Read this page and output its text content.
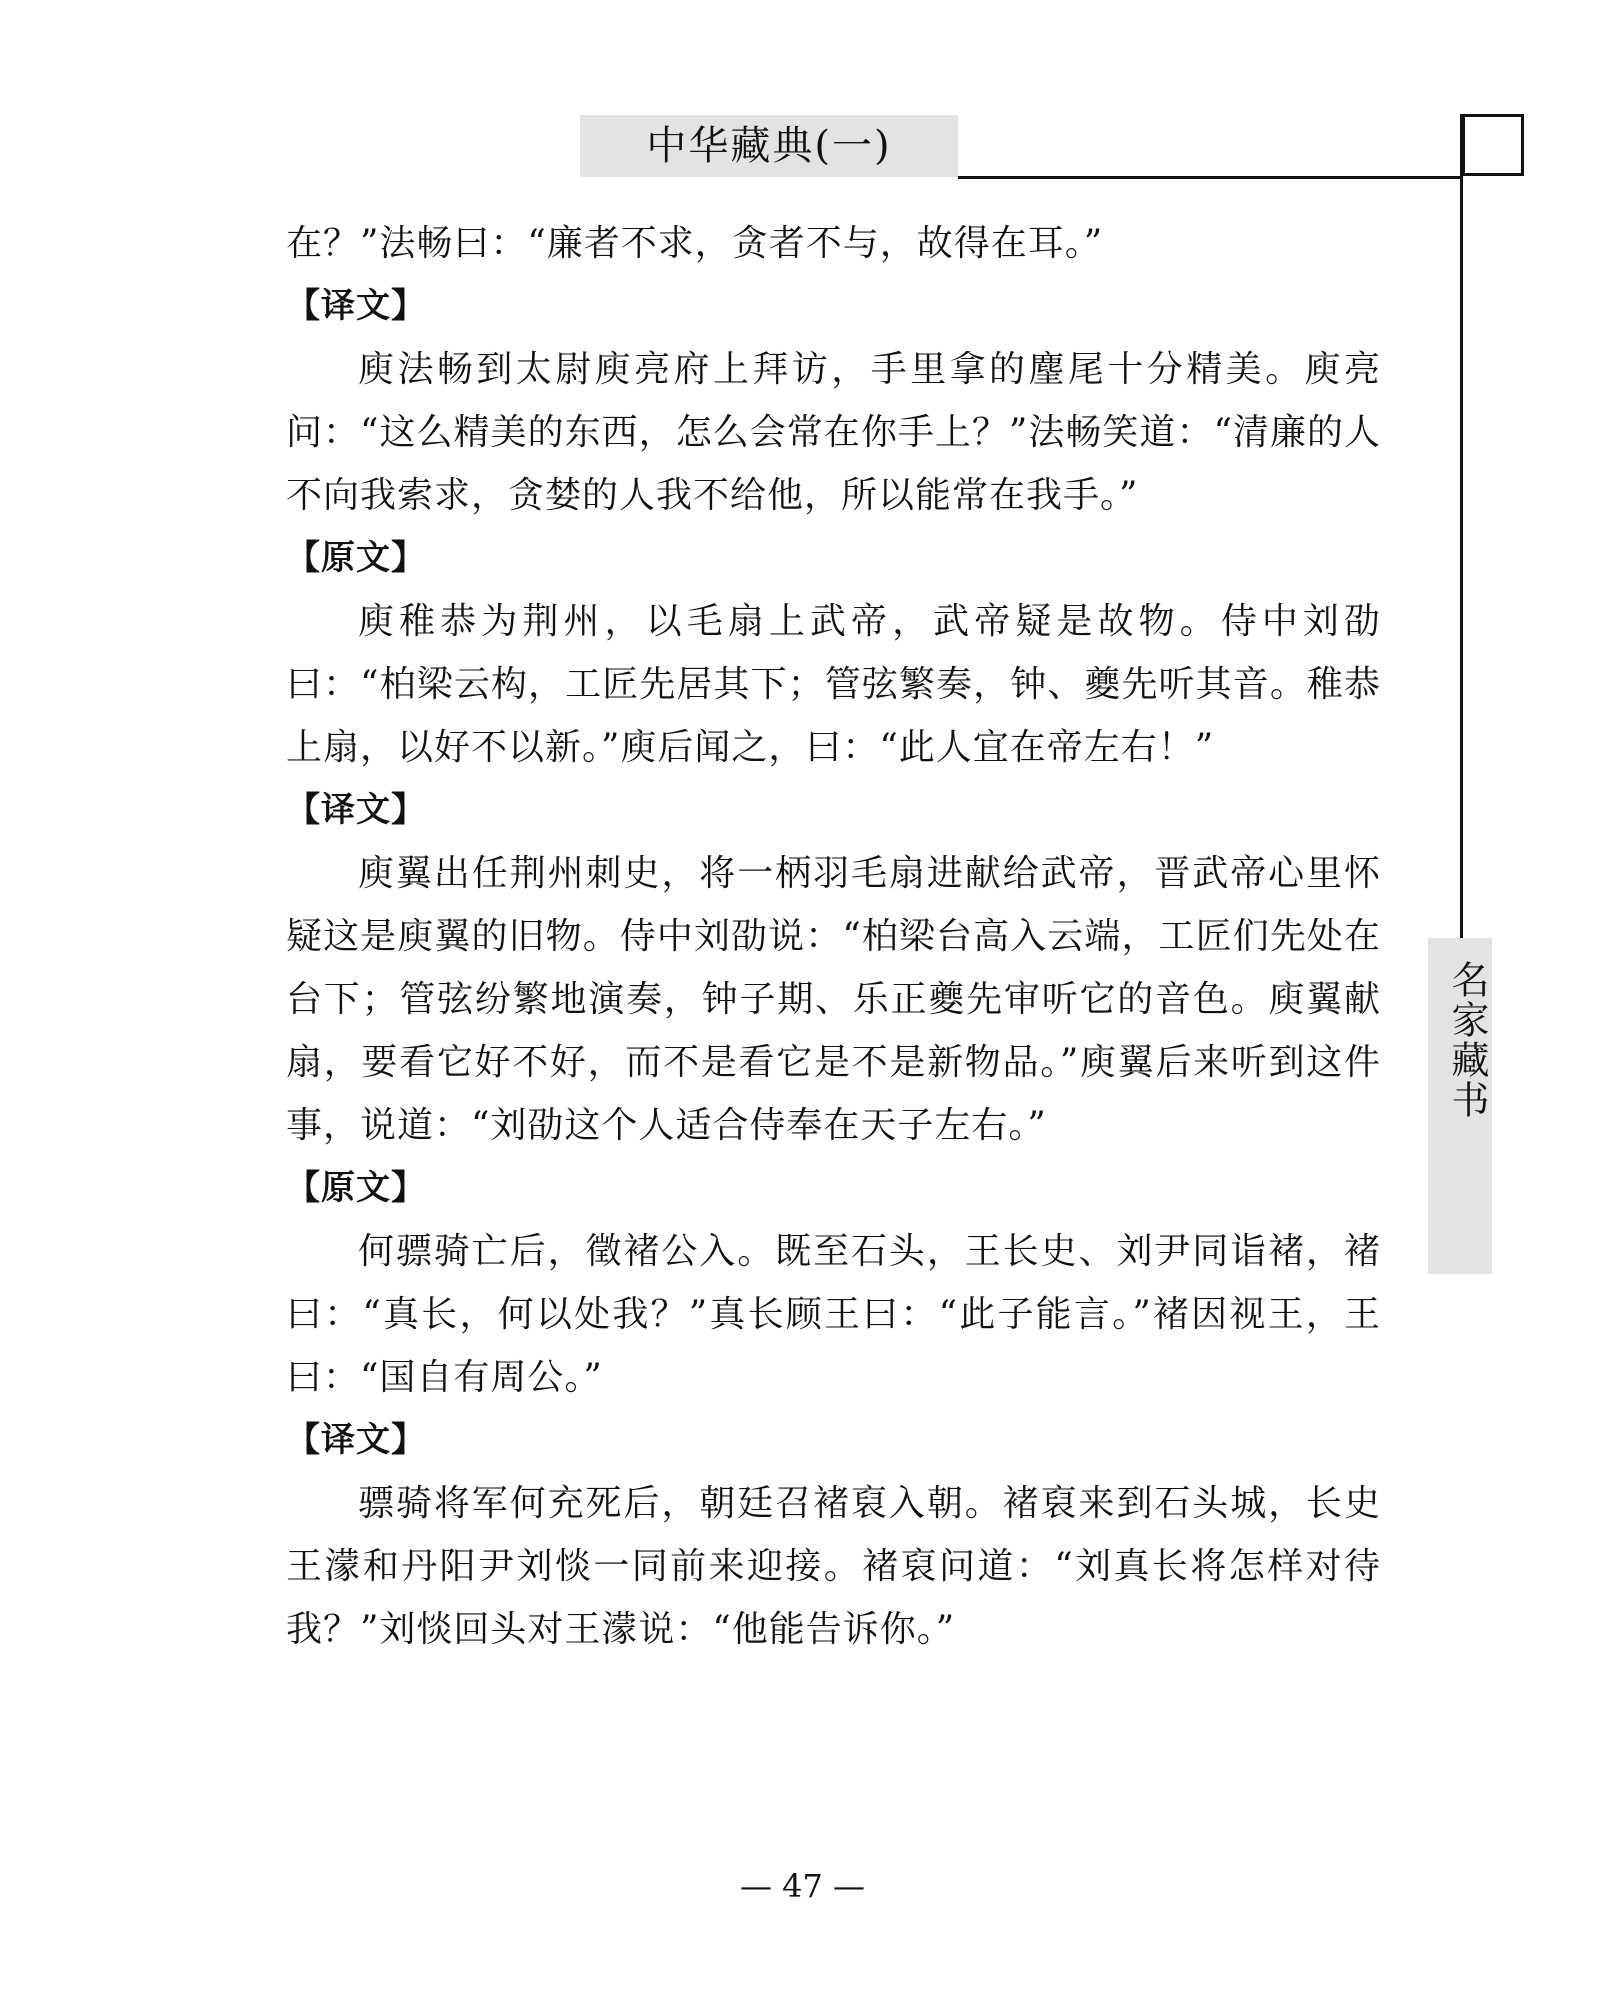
中华藏典(一)
名家藏书

在？”法畅曰：“廉者不求，贪者不与，故得在耳。”

【译文】

庾法畅到太尉庾亮府上拜访，手里拿的麈尾十分精美。庾亮问：“这么精美的东西，怎么会常在你手上？”法畅笑道：“清廉的人不向我索求，贪婪的人我不给他，所以能常在我手。”

【原文】

庾稚恭为荆州，以毛扇上武帝，武帝疑是故物。侍中刘劭曰：“柏梁云构，工匠先居其下；管弦繁奏，钟、夔先听其音。稚恭上扇，以好不以新。”庾后闻之，曰：“此人宜在帝左右！”

【译文】

庾翼出任荆州刺史，将一柄羽毛扇进献给武帝，晋武帝心里怀疑这是庾翼的旧物。侍中刘劭说：“柏梁台高入云端，工匠们先处在台下；管弦纷繁地演奏，钟子期、乐正夔先审听它的音色。庾翼献扇，要看它好不好，而不是看它是不是新物品。”庾翼后来听到这件事，说道：“刘劭这个人适合侍奉在天子左右。”

【原文】

何骠骑亡后，徵褚公入。既至石头，王长史、刘尹同诣褚，褚曰：“真长，何以处我？”真长顾王曰：“此子能言。”褚因视王，王曰：“国自有周公。”

【译文】

骠骑将军何充死后，朝廷召褚裒入朝。褚裒来到石头城，长史王濛和丹阳尹刘惔一同前来迎接。褚裒问道：“刘真长将怎样对待我？”刘惔回头对王濛说：“他能告诉你。”

— 47 —
